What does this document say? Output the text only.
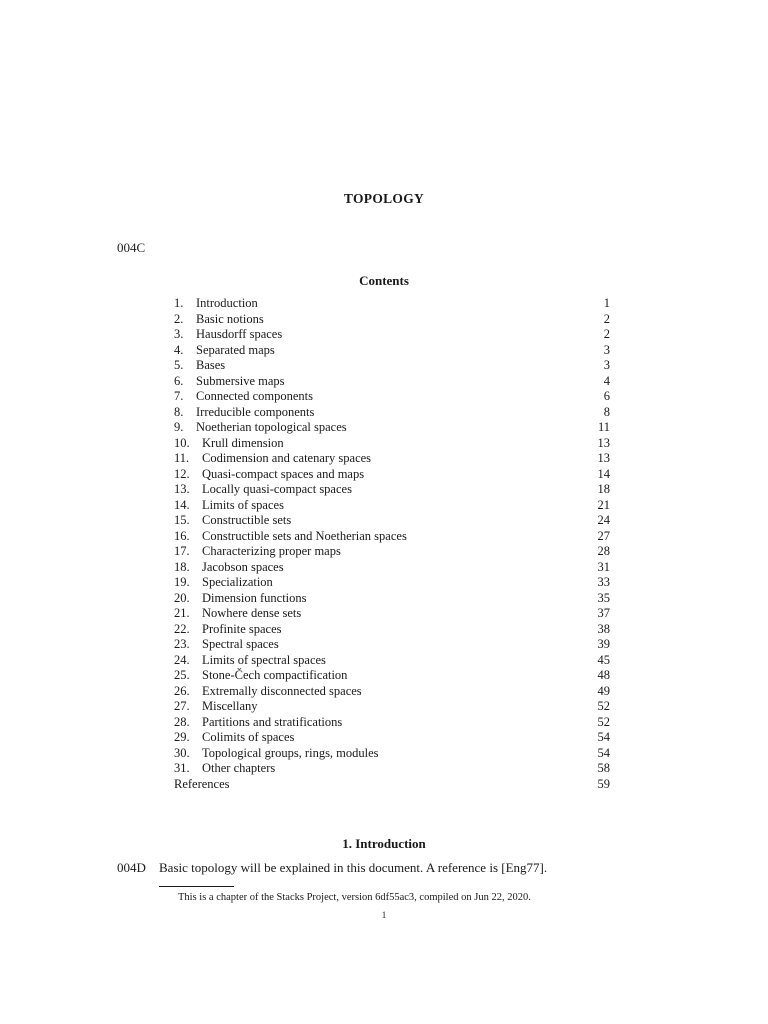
TOPOLOGY
004C
Contents
1. Introduction	1
2. Basic notions	2
3. Hausdorff spaces	2
4. Separated maps	3
5. Bases	3
6. Submersive maps	4
7. Connected components	6
8. Irreducible components	8
9. Noetherian topological spaces	11
10. Krull dimension	13
11. Codimension and catenary spaces	13
12. Quasi-compact spaces and maps	14
13. Locally quasi-compact spaces	18
14. Limits of spaces	21
15. Constructible sets	24
16. Constructible sets and Noetherian spaces	27
17. Characterizing proper maps	28
18. Jacobson spaces	31
19. Specialization	33
20. Dimension functions	35
21. Nowhere dense sets	37
22. Profinite spaces	38
23. Spectral spaces	39
24. Limits of spectral spaces	45
25. Stone-Čech compactification	48
26. Extremally disconnected spaces	49
27. Miscellany	52
28. Partitions and stratifications	52
29. Colimits of spaces	54
30. Topological groups, rings, modules	54
31. Other chapters	58
References	59
1. Introduction
004D Basic topology will be explained in this document. A reference is [Eng77].
This is a chapter of the Stacks Project, version 6df55ac3, compiled on Jun 22, 2020.
1
